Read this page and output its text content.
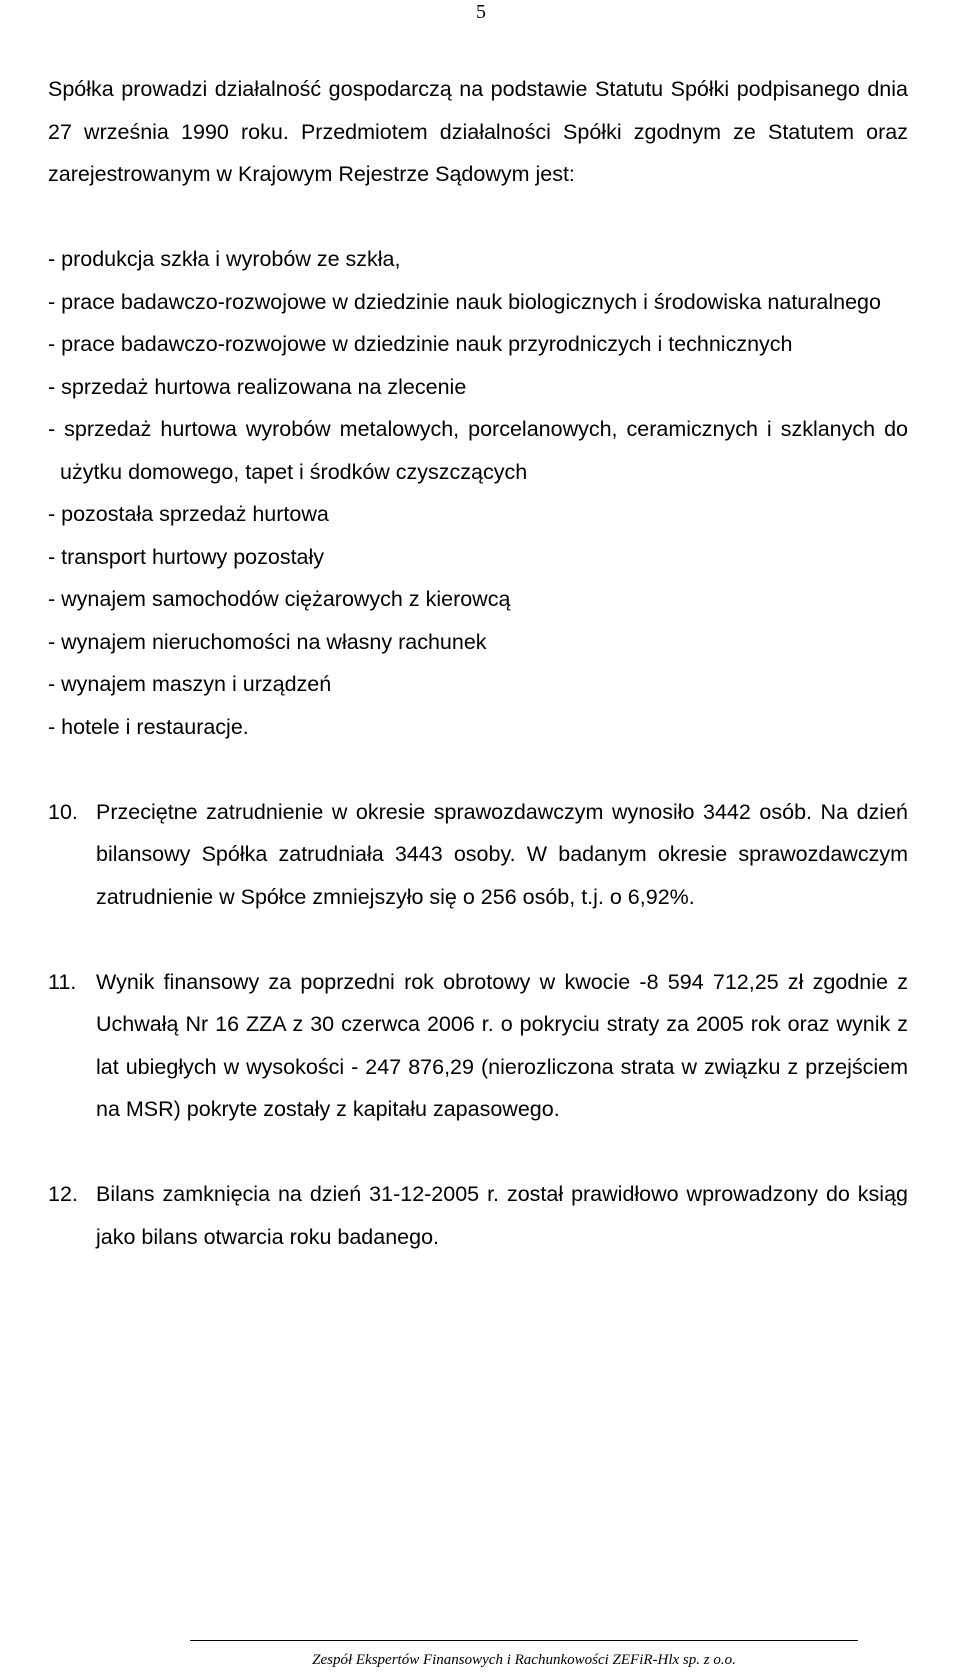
5

Spółka prowadzi działalność gospodarczą na podstawie Statutu Spółki podpisanego dnia 27 września 1990 roku. Przedmiotem działalności Spółki zgodnym ze Statutem oraz zarejestrowanym w Krajowym Rejestrze Sądowym jest:

- produkcja szkła i wyrobów ze szkła,
- prace badawczo-rozwojowe w dziedzinie nauk biologicznych i środowiska naturalnego
- prace badawczo-rozwojowe w dziedzinie nauk przyrodniczych i technicznych
- sprzedaż hurtowa realizowana na zlecenie
- sprzedaż hurtowa wyrobów metalowych, porcelanowych, ceramicznych i szklanych do użytku domowego, tapet i środków czyszczących
- pozostała sprzedaż hurtowa
- transport hurtowy pozostały
- wynajem samochodów ciężarowych z kierowcą
- wynajem nieruchomości na własny rachunek
- wynajem maszyn i urządzeń
- hotele i restauracje.
10. Przeciętne zatrudnienie w okresie sprawozdawczym wynosiło 3442 osób. Na dzień bilansowy Spółka zatrudniała 3443 osoby. W badanym okresie sprawozdawczym zatrudnienie w Spółce zmniejszyło się o 256 osób, t.j. o 6,92%.
11. Wynik finansowy za poprzedni rok obrotowy w kwocie -8 594 712,25 zł zgodnie z Uchwałą Nr 16 ZZA z 30 czerwca 2006 r. o pokryciu straty za 2005 rok oraz wynik z lat ubiegłych w wysokości - 247 876,29 (nierozliczona strata w związku z przejściem na MSR) pokryte zostały z kapitału zapasowego.
12. Bilans zamknięcia na dzień 31-12-2005 r. został prawidłowo wprowadzony do ksiąg jako bilans otwarcia roku badanego.
Zespół Ekspertów Finansowych i Rachunkowości ZEFiR-Hlx sp. z o.o.
